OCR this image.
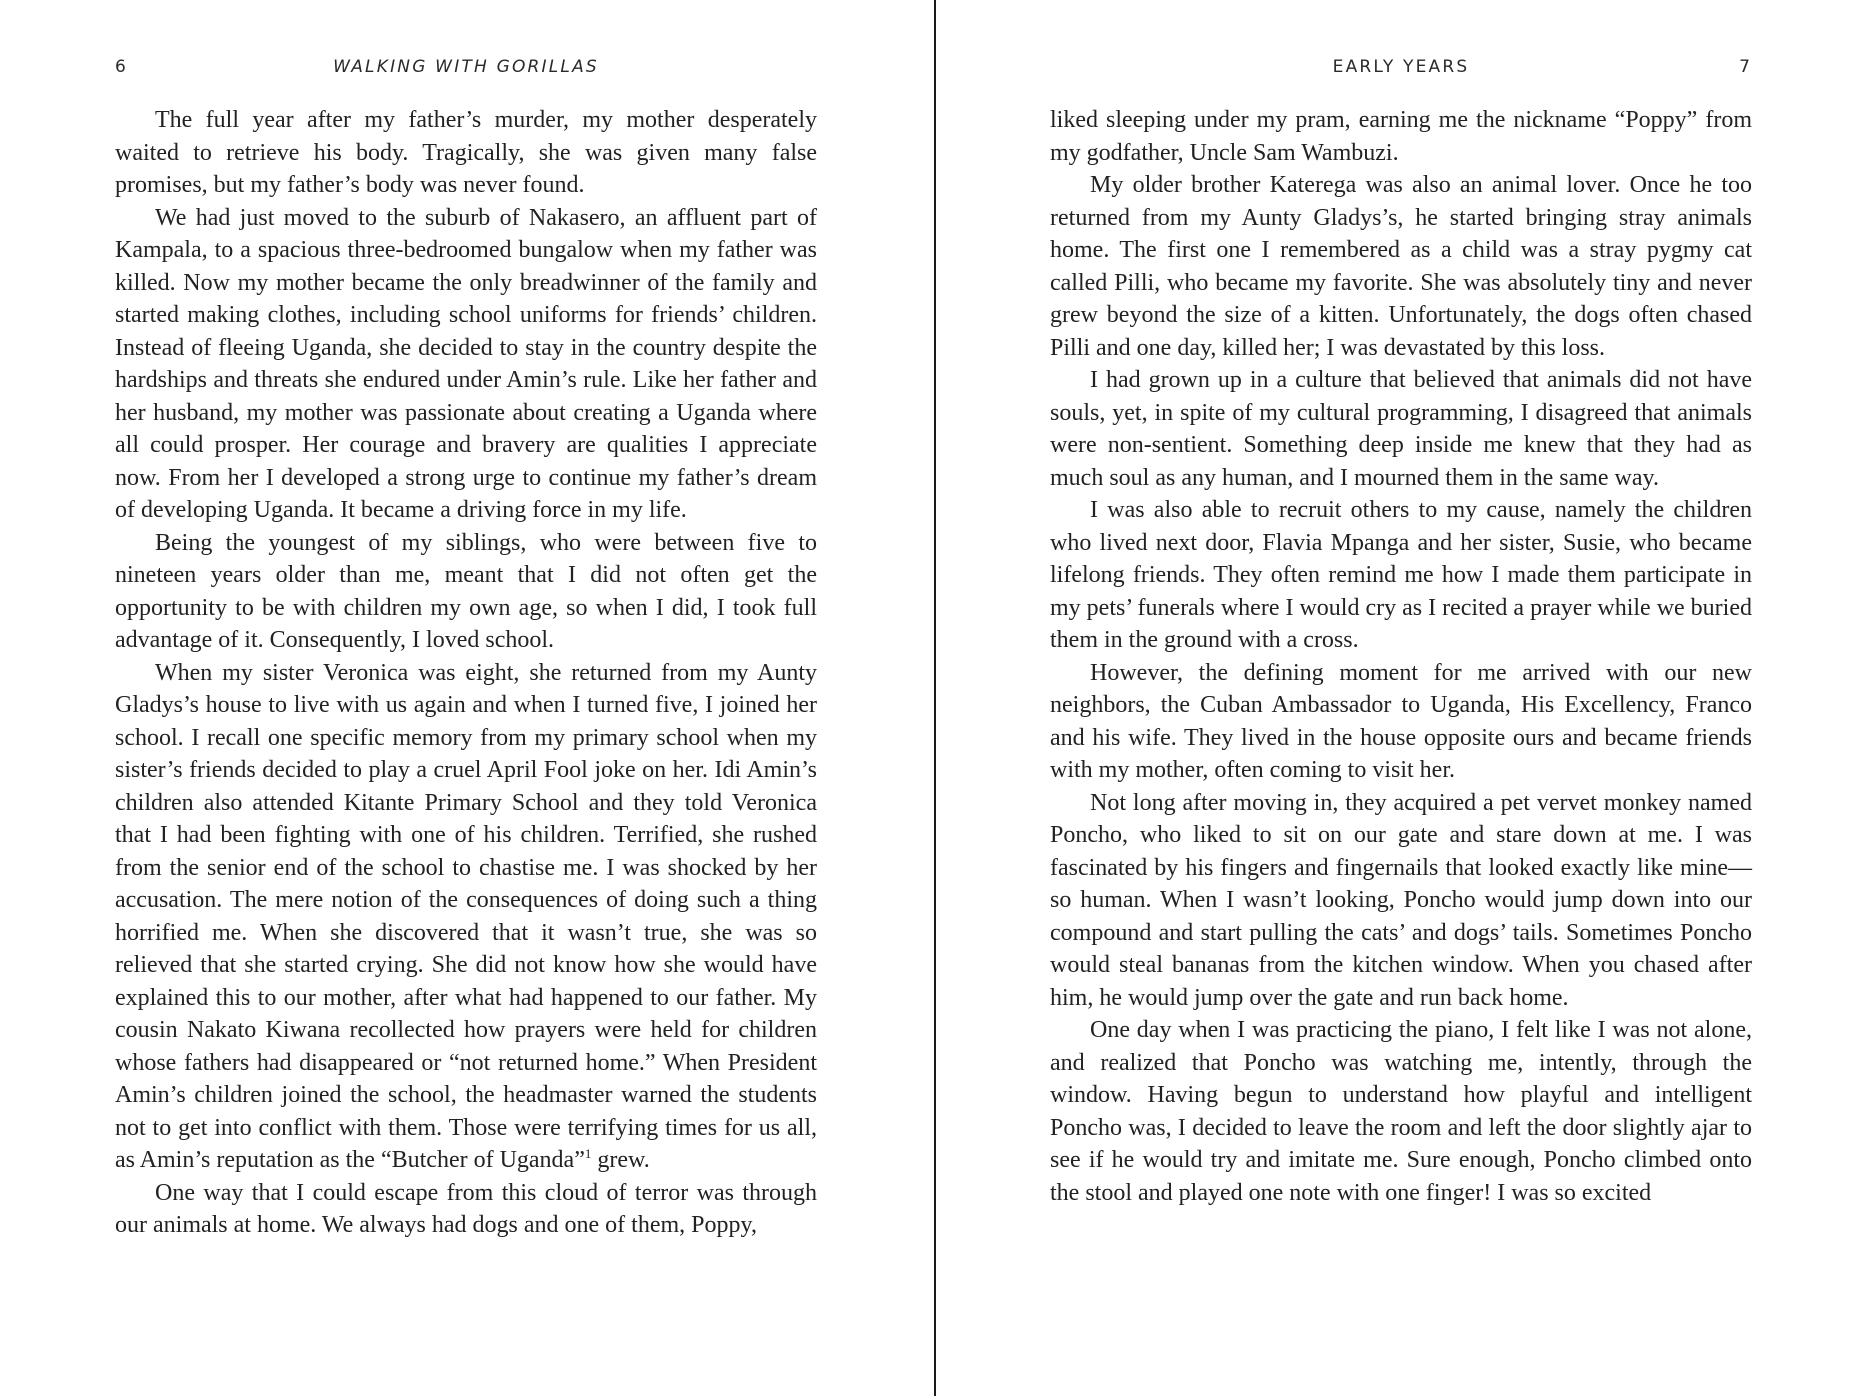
6	WALKING WITH GORILLAS

The full year after my father’s murder, my mother desperately waited to retrieve his body. Tragically, she was given many false promises, but my father’s body was never found.

We had just moved to the suburb of Nakasero, an affluent part of Kampala, to a spacious three-bedroomed bungalow when my father was killed. Now my mother became the only breadwinner of the family and started making clothes, including school uniforms for friends’ children. Instead of fleeing Uganda, she decided to stay in the country despite the hardships and threats she endured under Amin’s rule. Like her father and her husband, my mother was passionate about creating a Uganda where all could prosper. Her courage and bravery are qualities I appreciate now. From her I developed a strong urge to continue my father’s dream of developing Uganda. It became a driving force in my life.

Being the youngest of my siblings, who were between five to nineteen years older than me, meant that I did not often get the opportunity to be with children my own age, so when I did, I took full advantage of it. Consequently, I loved school.

When my sister Veronica was eight, she returned from my Aunty Gladys’s house to live with us again and when I turned five, I joined her school. I recall one specific memory from my primary school when my sister’s friends decided to play a cruel April Fool joke on her. Idi Amin’s children also attended Kitante Primary School and they told Veronica that I had been fighting with one of his children. Terrified, she rushed from the senior end of the school to chastise me. I was shocked by her accusation. The mere notion of the consequences of doing such a thing horrified me. When she discovered that it wasn’t true, she was so relieved that she started crying. She did not know how she would have explained this to our mother, after what had happened to our father. My cousin Nakato Kiwana recollected how prayers were held for children whose fathers had disappeared or “not returned home.” When President Amin’s children joined the school, the headmaster warned the students not to get into conflict with them. Those were terrifying times for us all, as Amin’s reputation as the “Butcher of Uganda”$^1$ grew.

One way that I could escape from this cloud of terror was through our animals at home. We always had dogs and one of them, Poppy,

EARLY YEARS	7

liked sleeping under my pram, earning me the nickname “Poppy” from my godfather, Uncle Sam Wambuzi.

My older brother Katerega was also an animal lover. Once he too returned from my Aunty Gladys’s, he started bringing stray animals home. The first one I remembered as a child was a stray pygmy cat called Pilli, who became my favorite. She was absolutely tiny and never grew beyond the size of a kitten. Unfortunately, the dogs often chased Pilli and one day, killed her; I was devastated by this loss.

I had grown up in a culture that believed that animals did not have souls, yet, in spite of my cultural programming, I disagreed that animals were non-sentient. Something deep inside me knew that they had as much soul as any human, and I mourned them in the same way.

I was also able to recruit others to my cause, namely the children who lived next door, Flavia Mpanga and her sister, Susie, who became lifelong friends. They often remind me how I made them participate in my pets’ funerals where I would cry as I recited a prayer while we buried them in the ground with a cross.

However, the defining moment for me arrived with our new neighbors, the Cuban Ambassador to Uganda, His Excellency, Franco and his wife. They lived in the house opposite ours and became friends with my mother, often coming to visit her.

Not long after moving in, they acquired a pet vervet monkey named Poncho, who liked to sit on our gate and stare down at me. I was fascinated by his fingers and fingernails that looked exactly like mine—so human. When I wasn’t looking, Poncho would jump down into our compound and start pulling the cats’ and dogs’ tails. Sometimes Poncho would steal bananas from the kitchen window. When you chased after him, he would jump over the gate and run back home.

One day when I was practicing the piano, I felt like I was not alone, and realized that Poncho was watching me, intently, through the window. Having begun to understand how playful and intelligent Poncho was, I decided to leave the room and left the door slightly ajar to see if he would try and imitate me. Sure enough, Poncho climbed onto the stool and played one note with one finger! I was so excited
